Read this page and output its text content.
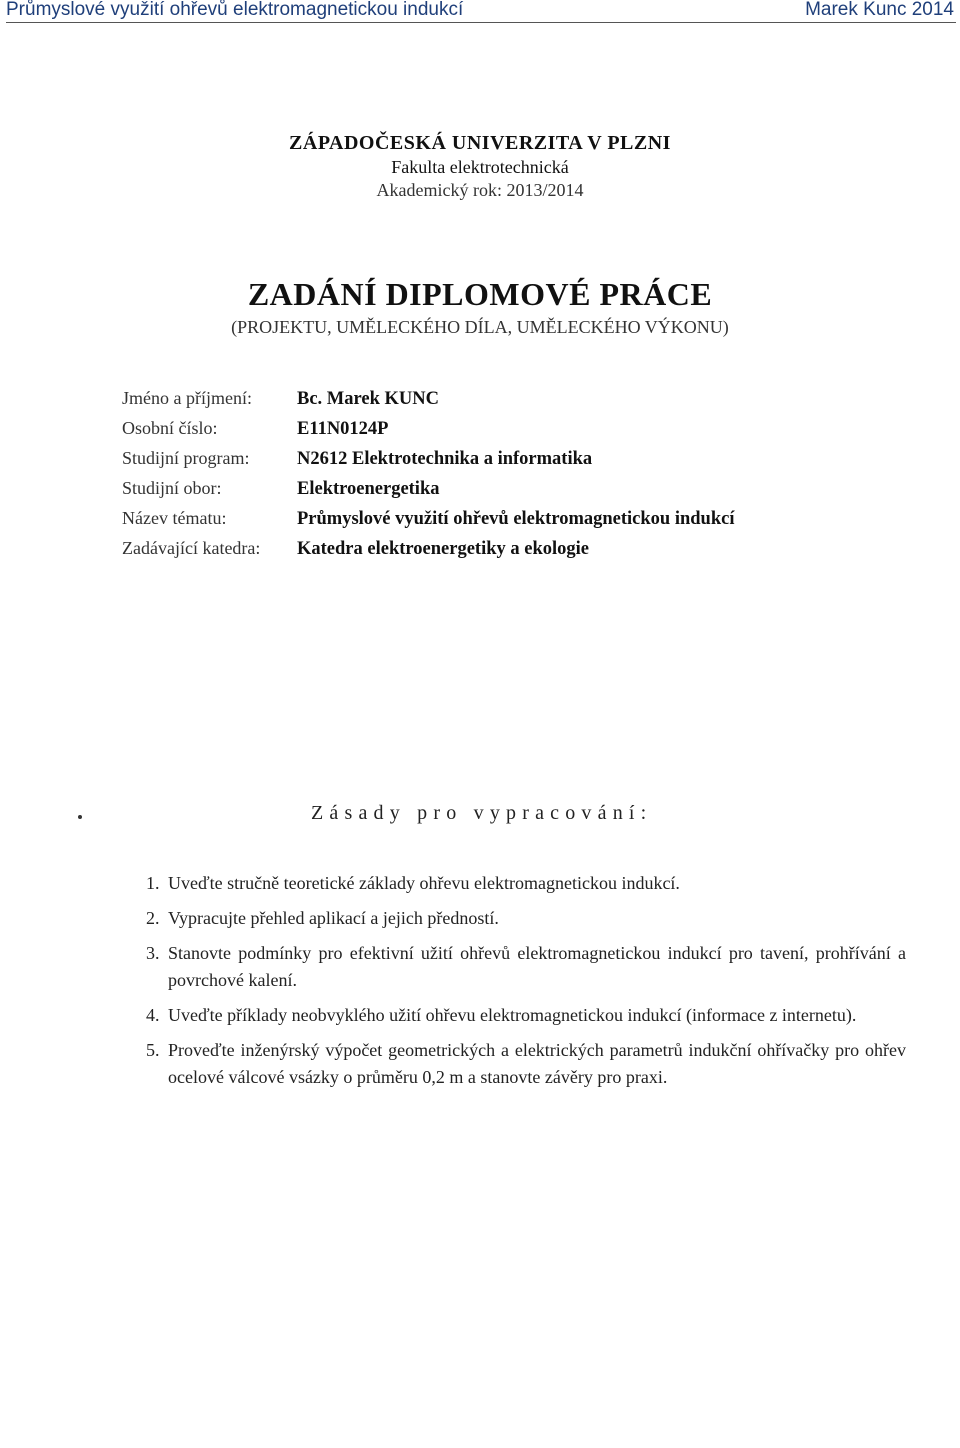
Průmyslové využití ohřevů elektromagnetickou indukcí	Marek Kunc 2014
ZÁPADOČESKÁ UNIVERZITA V PLZNI
Fakulta elektrotechnická
Akademický rok: 2013/2014
ZADÁNÍ DIPLOMOVÉ PRÁCE
(PROJEKTU, UMĚLECKÉHO DÍLA, UMĚLECKÉHO VÝKONU)
Jméno a příjmení:	Bc. Marek KUNC
Osobní číslo:	E11N0124P
Studijní program:	N2612 Elektrotechnika a informatika
Studijní obor:	Elektroenergetika
Název tématu:	Průmyslové využití ohřevů elektromagnetickou indukcí
Zadávající katedra:	Katedra elektroenergetiky a ekologie
Zásady pro vypracování:
1. Uveďte stručně teoretické základy ohřevu elektromagnetickou indukcí.
2. Vypracujte přehled aplikací a jejich předností.
3. Stanovte podmínky pro efektivní užití ohřevů elektromagnetickou indukcí pro tavení, prohřívání a povrchové kalení.
4. Uveďte příklady neobvyklého užití ohřevu elektromagnetickou indukcí (informace z internetu).
5. Proveďte inženýrský výpočet geometrických a elektrických parametrů indukční ohřívačky pro ohřev ocelové válcové vsázky o průměru 0,2 m a stanovte závěry pro praxi.
